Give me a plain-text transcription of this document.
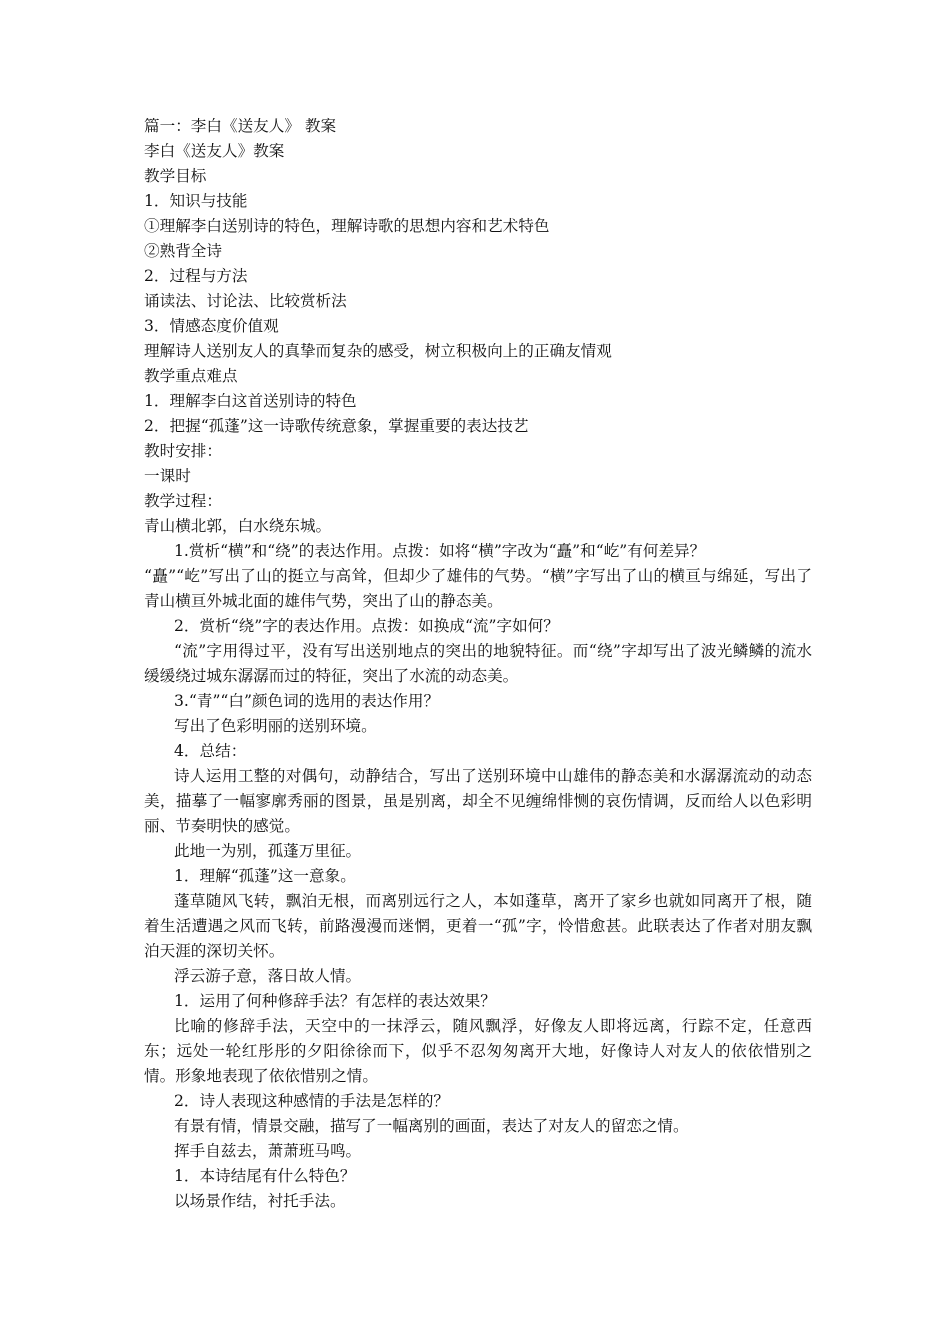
篇一：李白《送友人》 教案

李白《送友人》教案

教学目标

1．知识与技能

①理解李白送别诗的特色，理解诗歌的思想内容和艺术特色

②熟背全诗

2．过程与方法

诵读法、讨论法、比较赏析法

3．情感态度价值观

理解诗人送别友人的真挚而复杂的感受，树立积极向上的正确友情观

教学重点难点

1．理解李白这首送别诗的特色

2．把握“孤蓬”这一诗歌传统意象，掌握重要的表达技艺

教时安排：

一课时

教学过程：

青山横北郭，白水绕东城。

1.赏析“横”和“绕”的表达作用。点拨：如将“横”字改为“矗”和“屹”有何差异？

“矗”“屹”写出了山的挺立与高耸，但却少了雄伟的气势。“横”字写出了山的横亘与绵延，写出了青山横亘外城北面的雄伟气势，突出了山的静态美。

2．赏析“绕”字的表达作用。点拨：如换成“流”字如何？

“流”字用得过平，没有写出送别地点的突出的地貌特征。而“绕”字却写出了波光鳞鳞的流水缓缓绕过城东潺潺而过的特征，突出了水流的动态美。

3.“青”“白”颜色词的选用的表达作用？

写出了色彩明丽的送别环境。

4．总结：

诗人运用工整的对偶句，动静结合，写出了送别环境中山雄伟的静态美和水潺潺流动的动态美，描摹了一幅寥廓秀丽的图景，虽是别离，却全不见缠绵悱恻的哀伤情调，反而给人以色彩明丽、节奏明快的感觉。

此地一为别，孤蓬万里征。

1．理解“孤蓬”这一意象。

蓬草随风飞转，飘泊无根，而离别远行之人，本如蓬草，离开了家乡也就如同离开了根，随着生活遭遇之风而飞转，前路漫漫而迷惘，更着一“孤”字，怜惜愈甚。此联表达了作者对朋友飘泊天涯的深切关怀。

浮云游子意，落日故人情。

1．运用了何种修辞手法？有怎样的表达效果？

比喻的修辞手法，天空中的一抹浮云，随风飘浮，好像友人即将远离，行踪不定，任意西东；远处一轮红彤彤的夕阳徐徐而下，似乎不忍匆匆离开大地，好像诗人对友人的依依惜别之情。形象地表现了依依惜别之情。

2．诗人表现这种感情的手法是怎样的？

有景有情，情景交融，描写了一幅离别的画面，表达了对友人的留恋之情。

挥手自兹去，萧萧班马鸣。

1．本诗结尾有什么特色？

以场景作结，衬托手法。
